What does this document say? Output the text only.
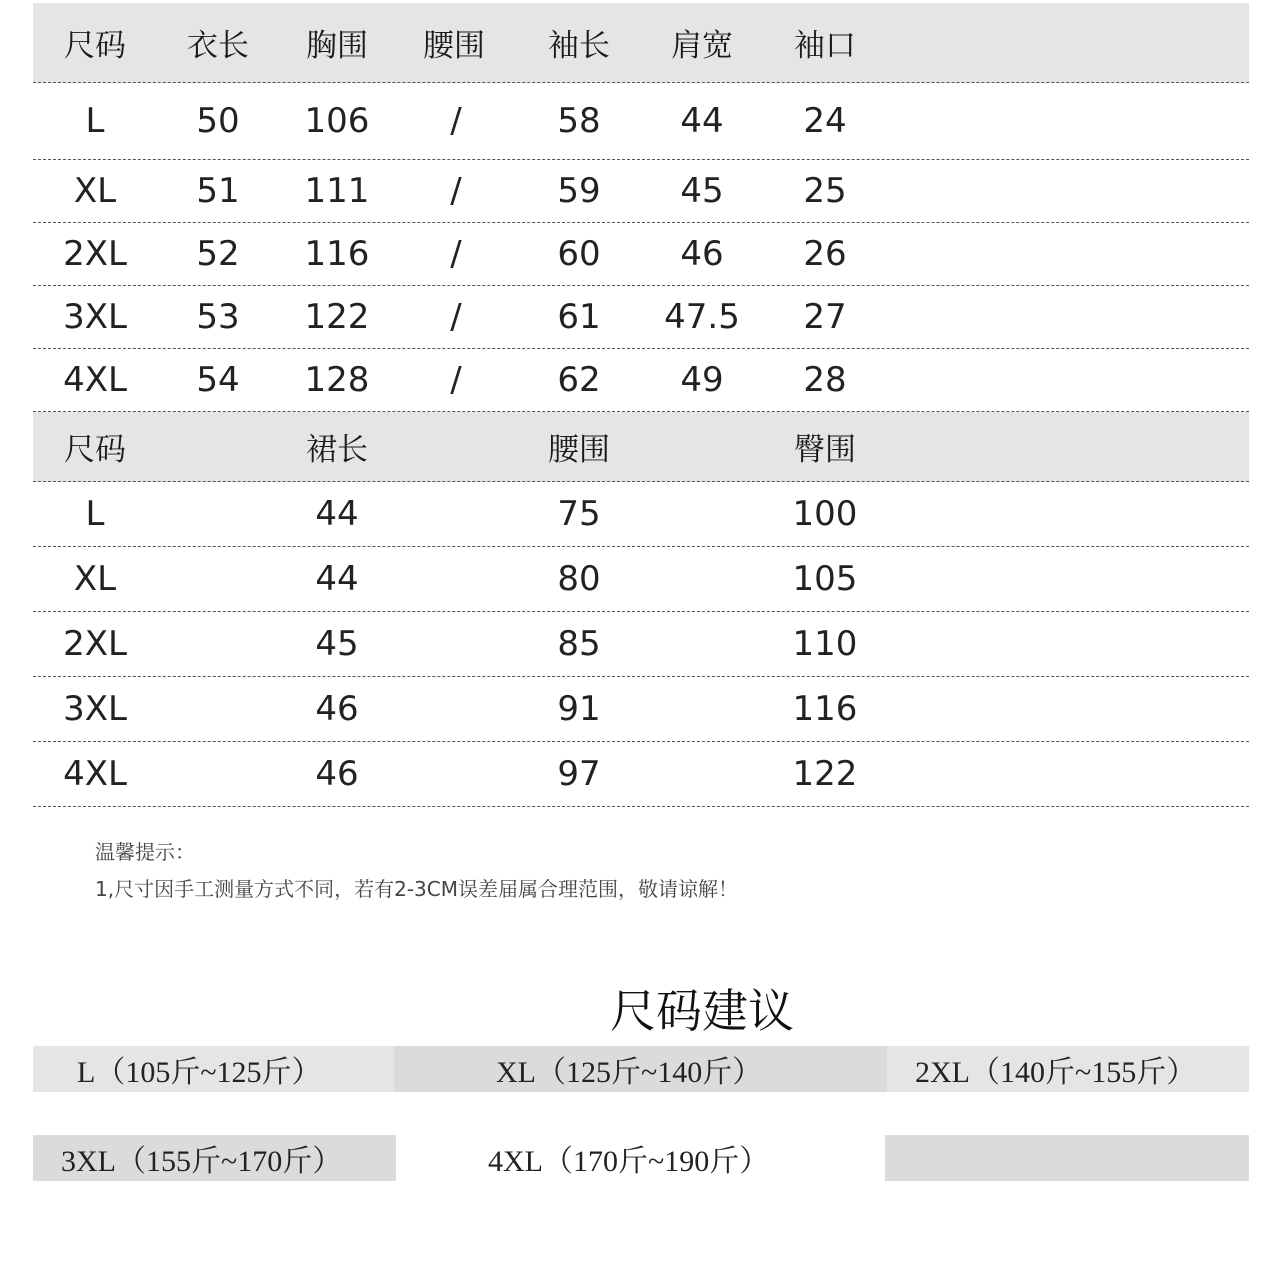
尺码	衣长	胸围	腰围	袖长	肩宽	袖口
L	50	106	/	58	44	24
XL	51	111	/	59	45	25
2XL	52	116	/	60	46	26
3XL	53	122	/	61	47.5	27
4XL	54	128	/	62	49	28
尺码	裙长	腰围	臀围
L	44	75	100
XL	44	80	105
2XL	45	85	110
3XL	46	91	116
4XL	46	97	122
温馨提示：
1,尺寸因手工测量方式不同，若有2-3CM误差届属合理范围，敬请谅解！
尺码建议
L（105斤~125斤）	XL（125斤~140斤）	2XL（140斤~155斤）
3XL（155斤~170斤）	4XL（170斤~190斤）
